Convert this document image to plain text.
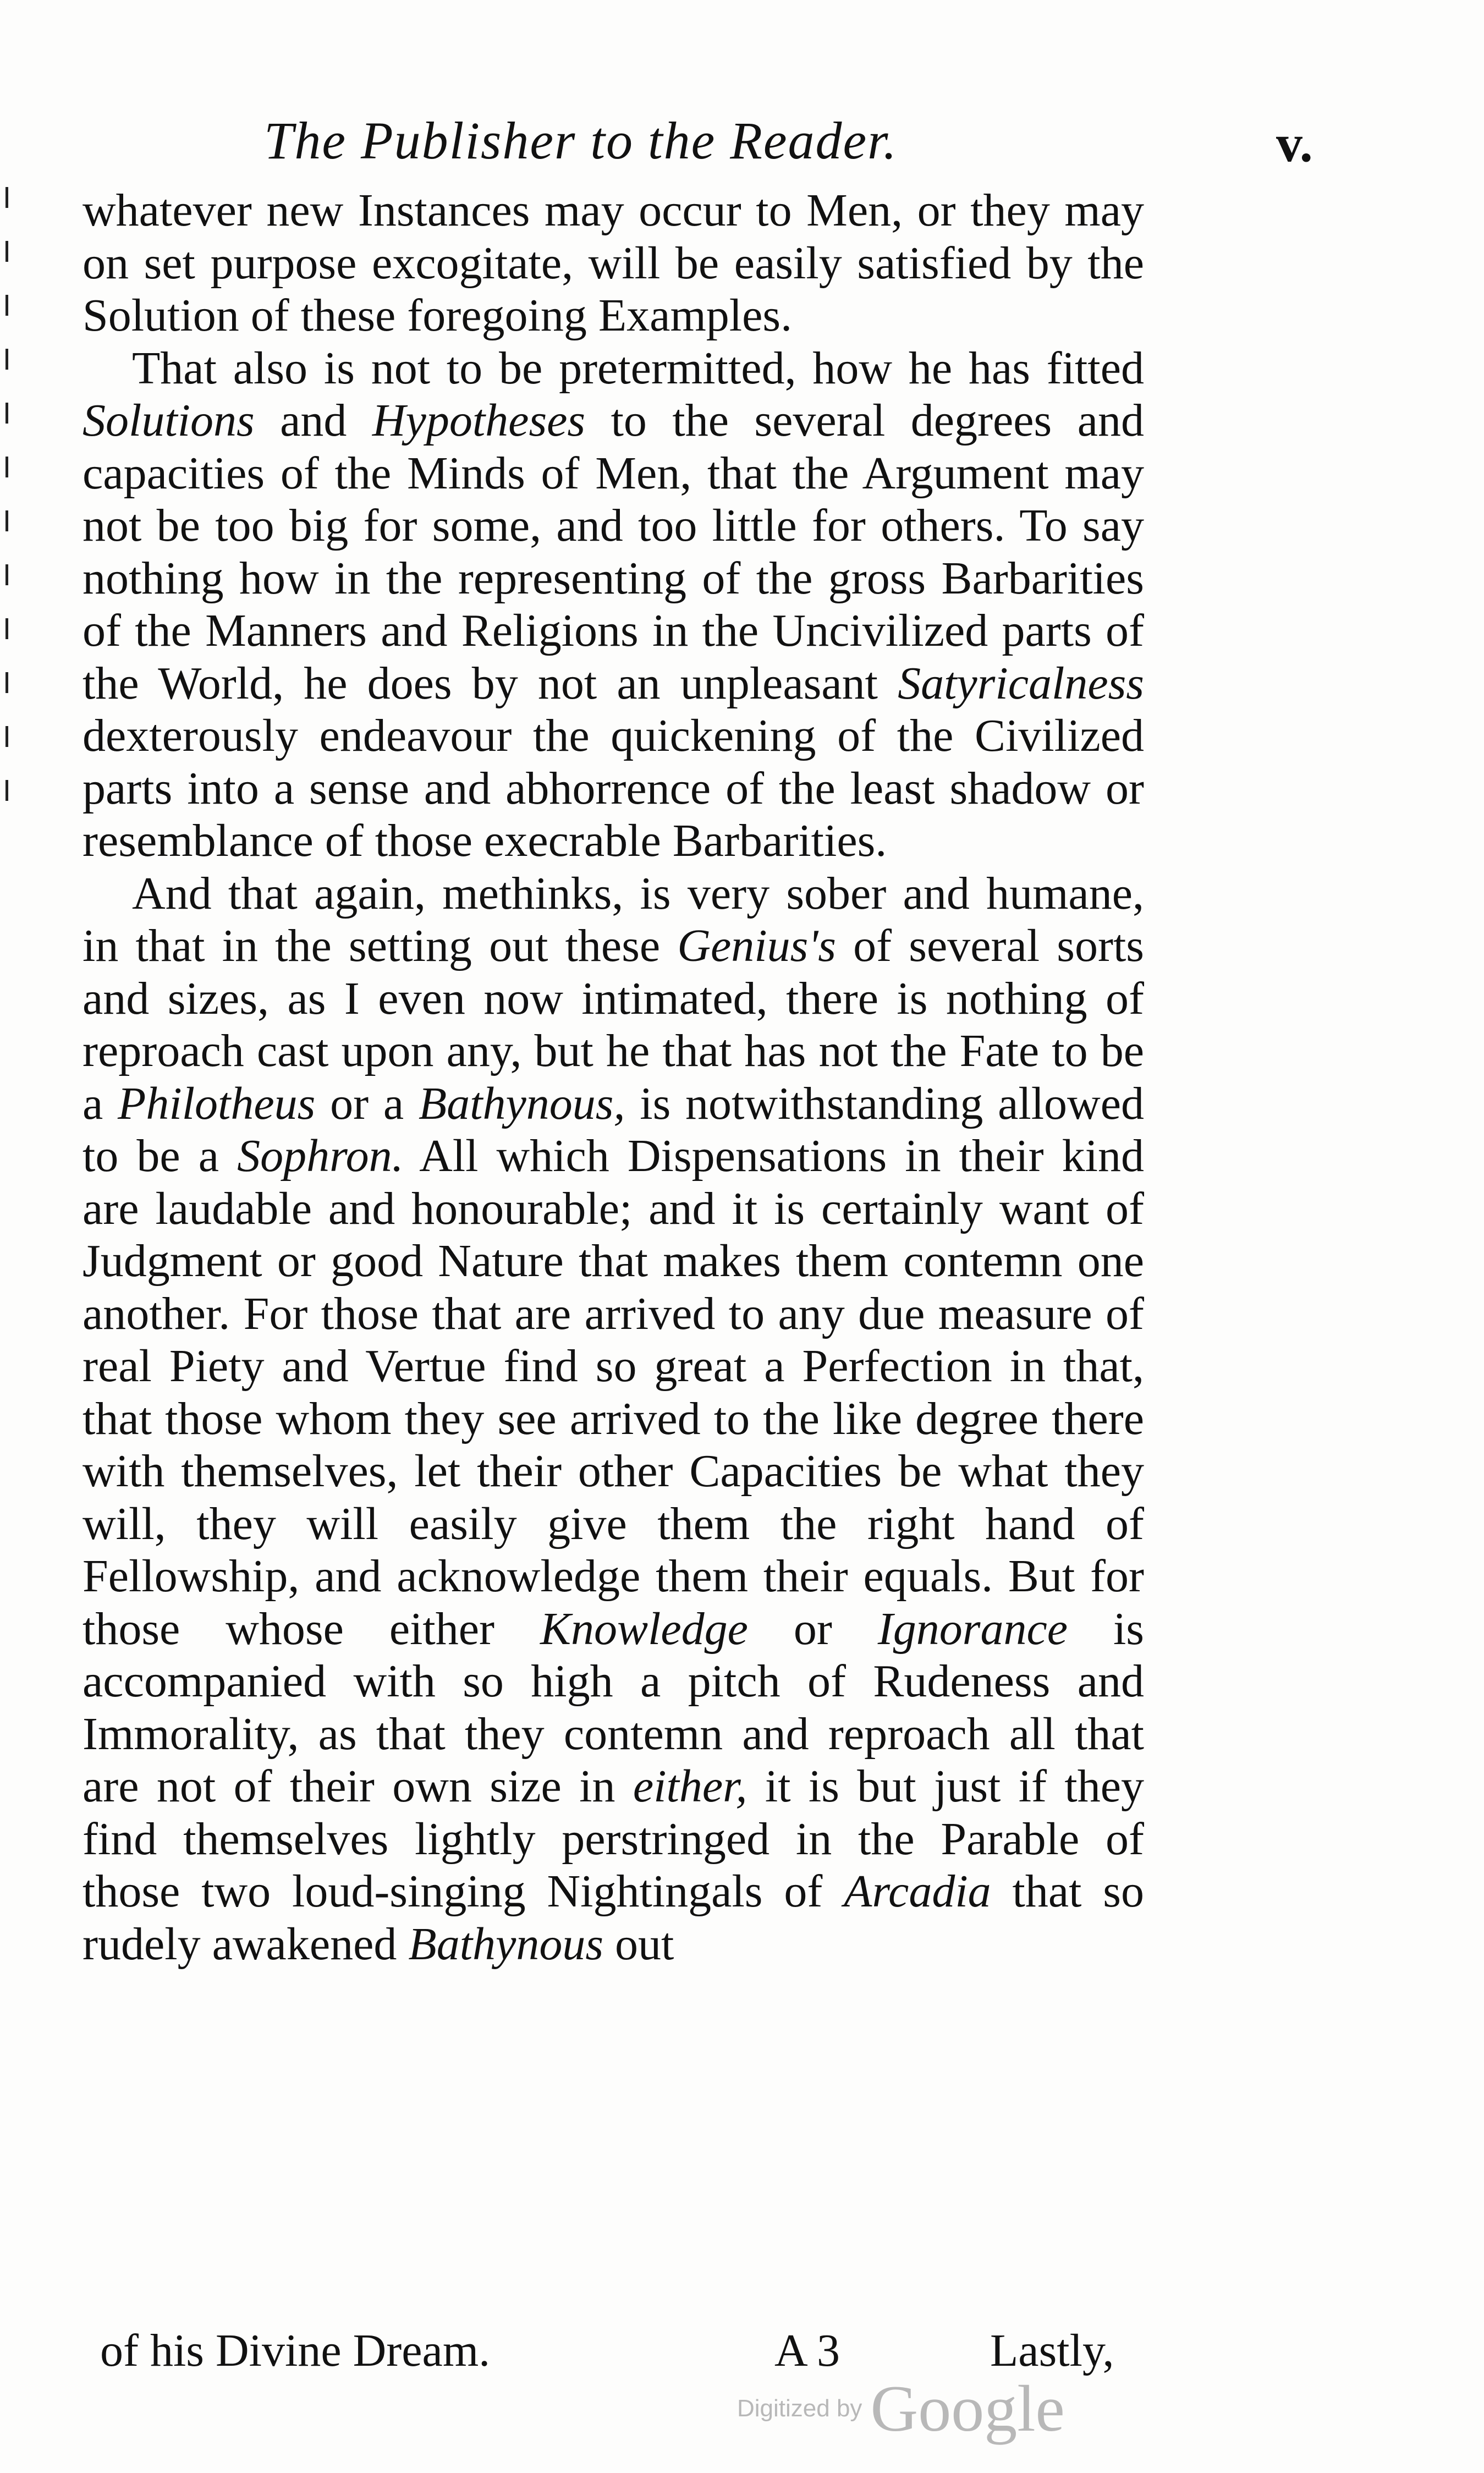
The Publisher to the Reader.	v.

whatever new Instances may occur to Men, or they may on set purpose excogitate, will be easily satisfied by the Solution of these foregoing Examples.

That also is not to be pretermitted, how he has fitted Solutions and Hypotheses to the several degrees and capacities of the Minds of Men, that the Argument may not be too big for some, and too little for others. To say nothing how in the representing of the gross Barbarities of the Manners and Religions in the Uncivilized parts of the World, he does by not an unpleasant Satyricalness dexterously endeavour the quickening of the Civilized parts into a sense and abhorrence of the least shadow or resemblance of those execrable Barbarities.

And that again, methinks, is very sober and humane, in that in the setting out these Genius's of several sorts and sizes, as I even now intimated, there is nothing of reproach cast upon any, but he that has not the Fate to be a Philotheus or a Bathynous, is notwithstanding allowed to be a Sophron. All which Dispensations in their kind are laudable and honourable; and it is certainly want of Judgment or good Nature that makes them contemn one another. For those that are arrived to any due measure of real Piety and Vertue find so great a Perfection in that, that those whom they see arrived to the like degree there with themselves, let their other Capacities be what they will, they will easily give them the right hand of Fellowship, and acknowledge them their equals. But for those whose either Knowledge or Ignorance is accompanied with so high a pitch of Rudeness and Immorality, as that they contemn and reproach all that are not of their own size in either, it is but just if they find themselves lightly perstringed in the Parable of those two loud-singing Nightingals of Arcadia that so rudely awakened Bathynous out

of his Divine Dream.	A 3	Lastly,
Digitized by Google
